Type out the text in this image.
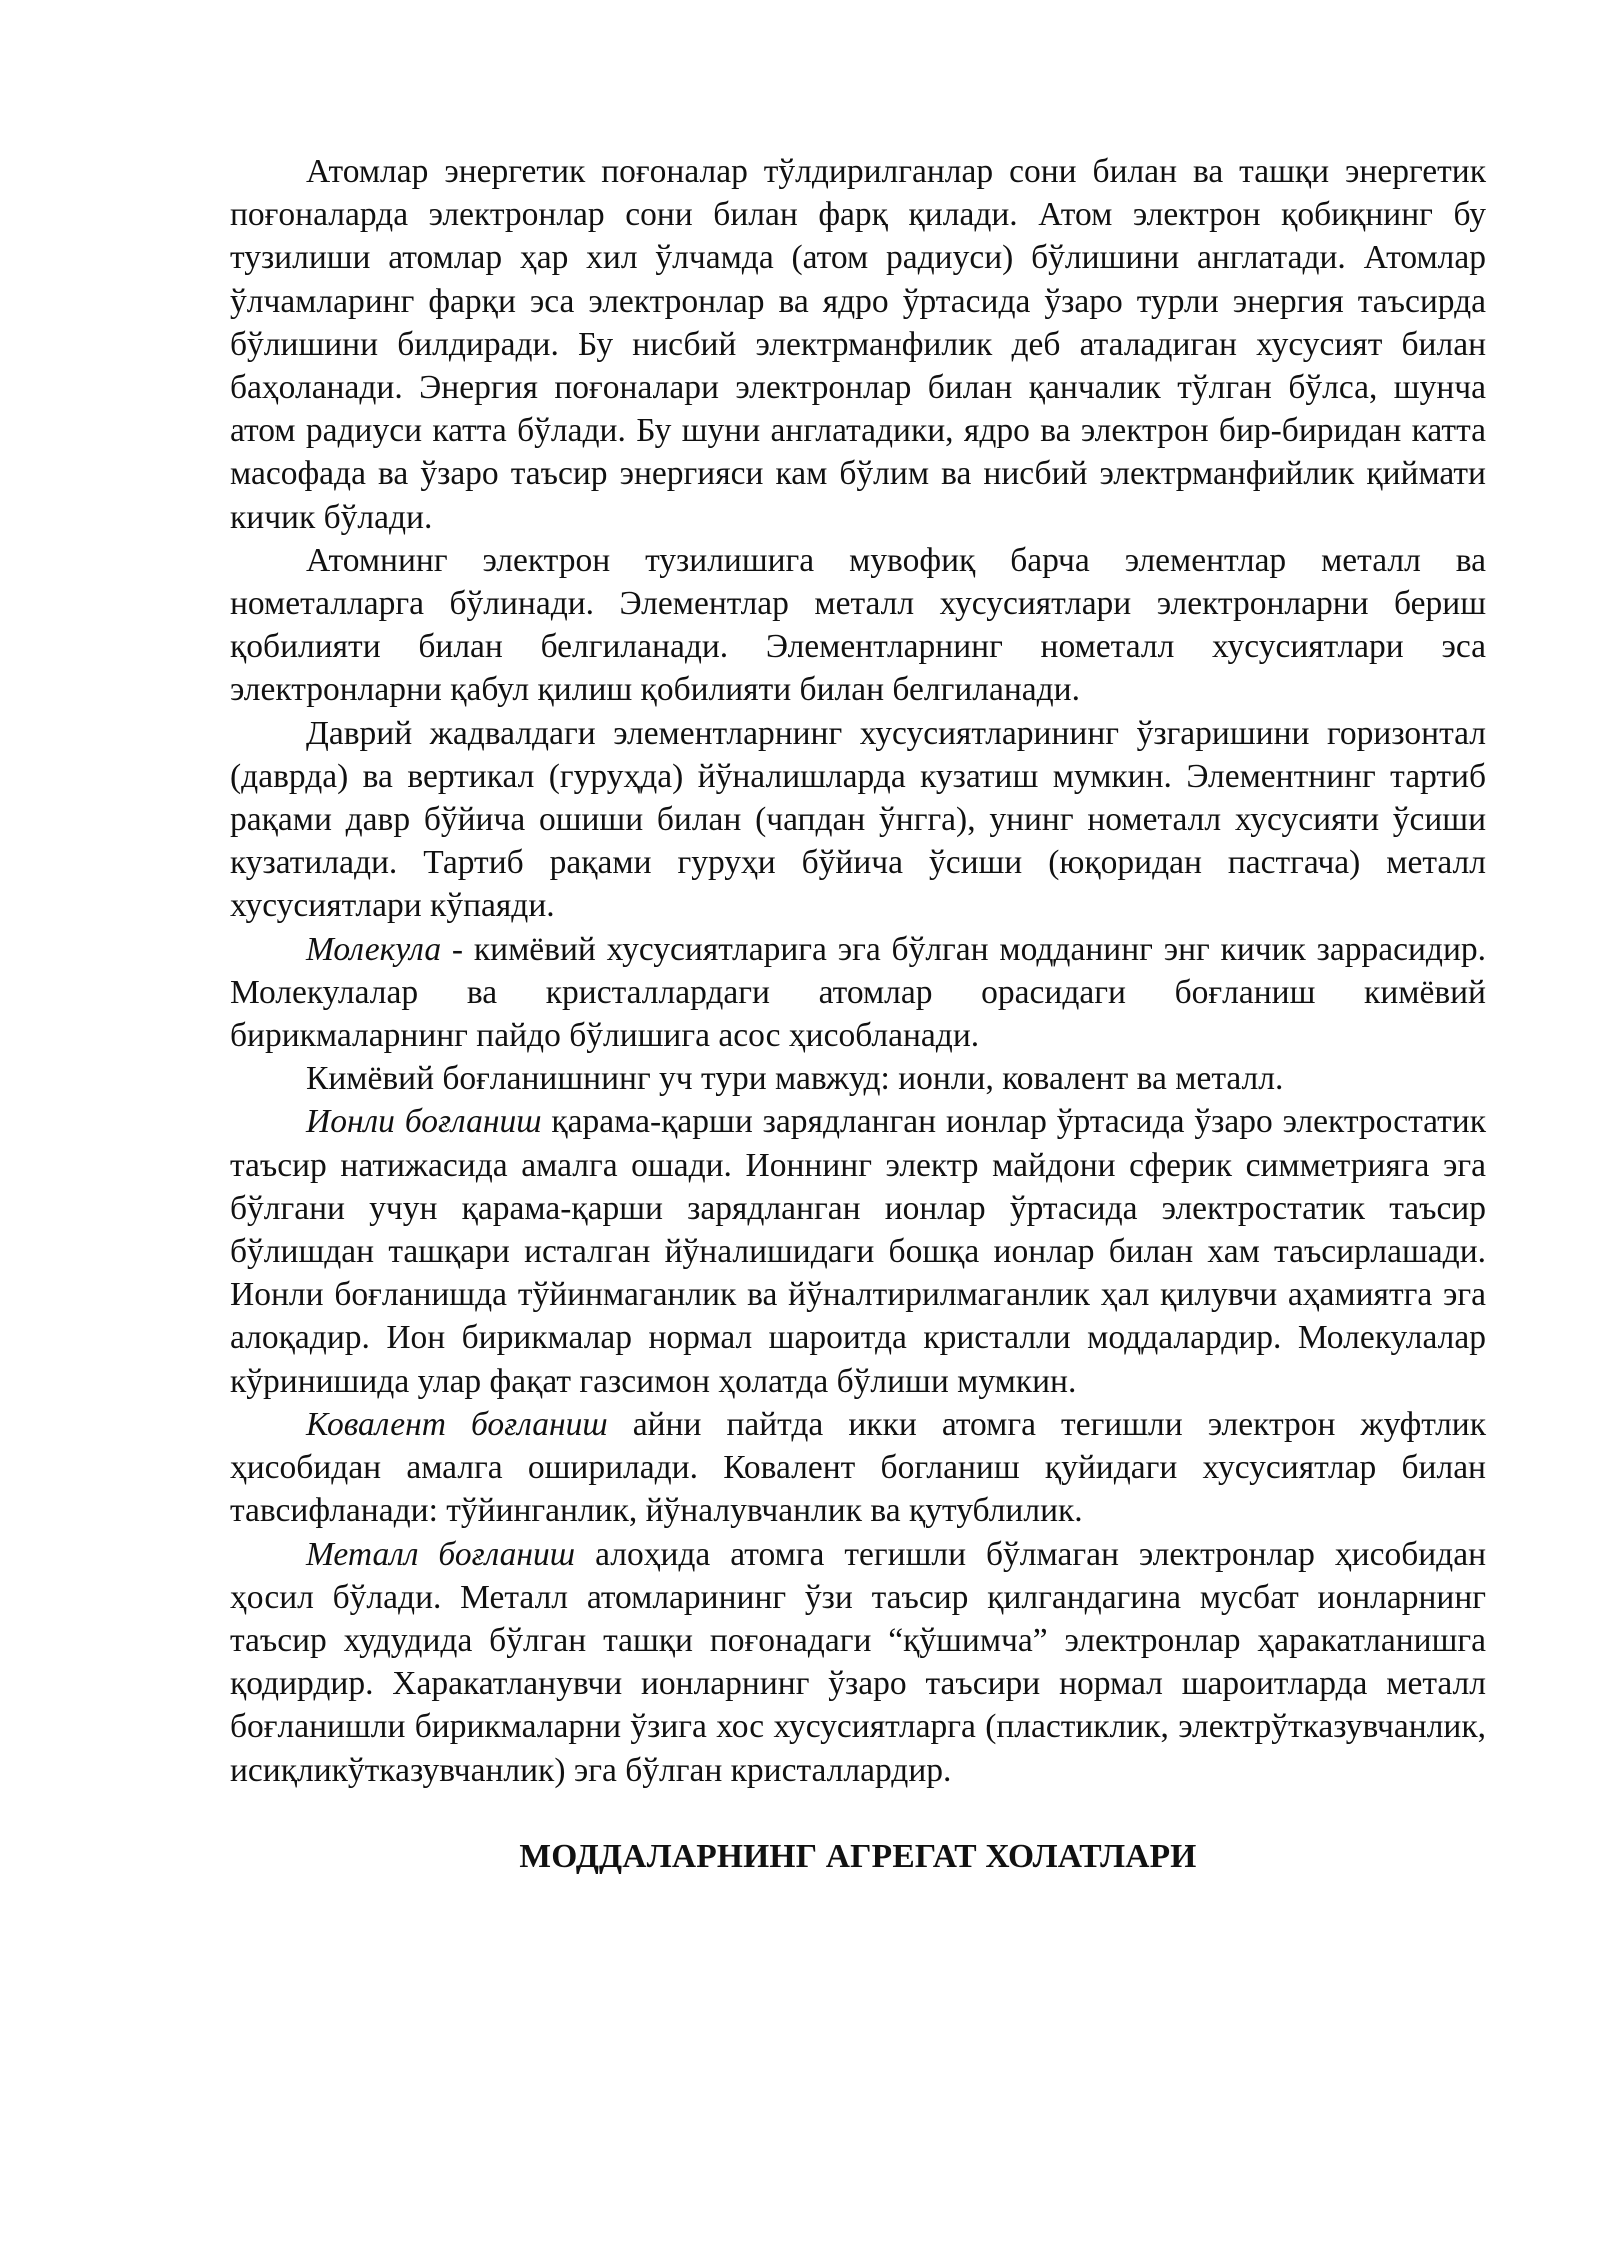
Атомлар энергетик поғоналар тўлдирилганлар сони билан ва ташқи энергетик поғоналарда электронлар сони билан фарқ қилади. Атом электрон қобиқнинг бу тузилиши атомлар ҳар хил ўлчамда (атом радиуси) бўлишини англатади. Атомлар ўлчамларинг фарқи эса электронлар ва ядро ўртасида ўзаро турли энергия таъсирда бўлишини билдиради. Бу нисбий электрманфилик деб аталадиган хусусият билан баҳоланади. Энергия поғоналари электронлар билан қанчалик тўлган бўлса, шунча атом радиуси катта бўлади. Бу шуни англатадики, ядро ва электрон бир-биридан катта масофада ва ўзаро таъсир энергияси кам бўлим ва нисбий электрманфийлик қиймати кичик бўлади.

Атомнинг электрон тузилишига мувофиқ барча элементлар металл ва нометалларга бўлинади. Элементлар металл хусусиятлари электронларни бериш қобилияти билан белгиланади. Элементларнинг нометалл хусусиятлари эса электронларни қабул қилиш қобилияти билан белгиланади.

Даврий жадвалдаги элементларнинг хусусиятларининг ўзгаришини горизонтал (даврда) ва вертикал (гуруҳда) йўналишларда кузатиш мумкин. Элементнинг тартиб рақами давр бўйича ошиши билан (чапдан ўнгга), унинг нометалл хусусияти ўсиши кузатилади. Тартиб рақами гуруҳи бўйича ўсиши (юқоридан пастгача) металл хусусиятлари кўпаяди.

Молекула - кимёвий хусусиятларига эга бўлган модданинг энг кичик заррасидир. Молекулалар ва кристаллардаги атомлар орасидаги боғланиш кимёвий бирикмаларнинг пайдо бўлишига асос ҳисобланади.

Кимёвий боғланишнинг уч тури мавжуд: ионли, ковалент ва металл.

Ионли боғланиш қарама-қарши зарядланган ионлар ўртасида ўзаро электростатик таъсир натижасида амалга ошади. Ионнинг электр майдони сферик симметрияга эга бўлгани учун қарама-қарши зарядланган ионлар ўртасида электростатик таъсир бўлишдан ташқари исталган йўналишидаги бошқа ионлар билан хам таъсирлашади. Ионли боғланишда тўйинмаганлик ва йўналтирилмаганлик ҳал қилувчи аҳамиятга эга алоқадир. Ион бирикмалар нормал шароитда кристалли моддалардир. Молекулалар кўринишида улар фақат газсимон ҳолатда бўлиши мумкин.

Ковалент боғланиш айни пайтда икки атомга тегишли электрон жуфтлик ҳисобидан амалга оширилади. Ковалент богланиш қуйидаги хусусиятлар билан тавсифланади: тўйинганлик, йўналувчанлик ва қутублилик.

Металл боғланиш алоҳида атомга тегишли бўлмаган электронлар ҳисобидан ҳосил бўлади. Металл атомларининг ўзи таъсир қилгандагина мусбат ионларнинг таъсир худудида бўлган ташқи поғонадаги “қўшимча” электронлар ҳаракатланишга қодирдир. Харакатланувчи ионларнинг ўзаро таъсири нормал шароитларда металл боғланишли бирикмаларни ўзига хос хусусиятларга (пластиклик, электрўтказувчанлик, исиқликўтказувчанлик) эга бўлган кристаллардир.

МОДДАЛАРНИНГ АГРЕГАТ ХОЛАТЛАРИ
